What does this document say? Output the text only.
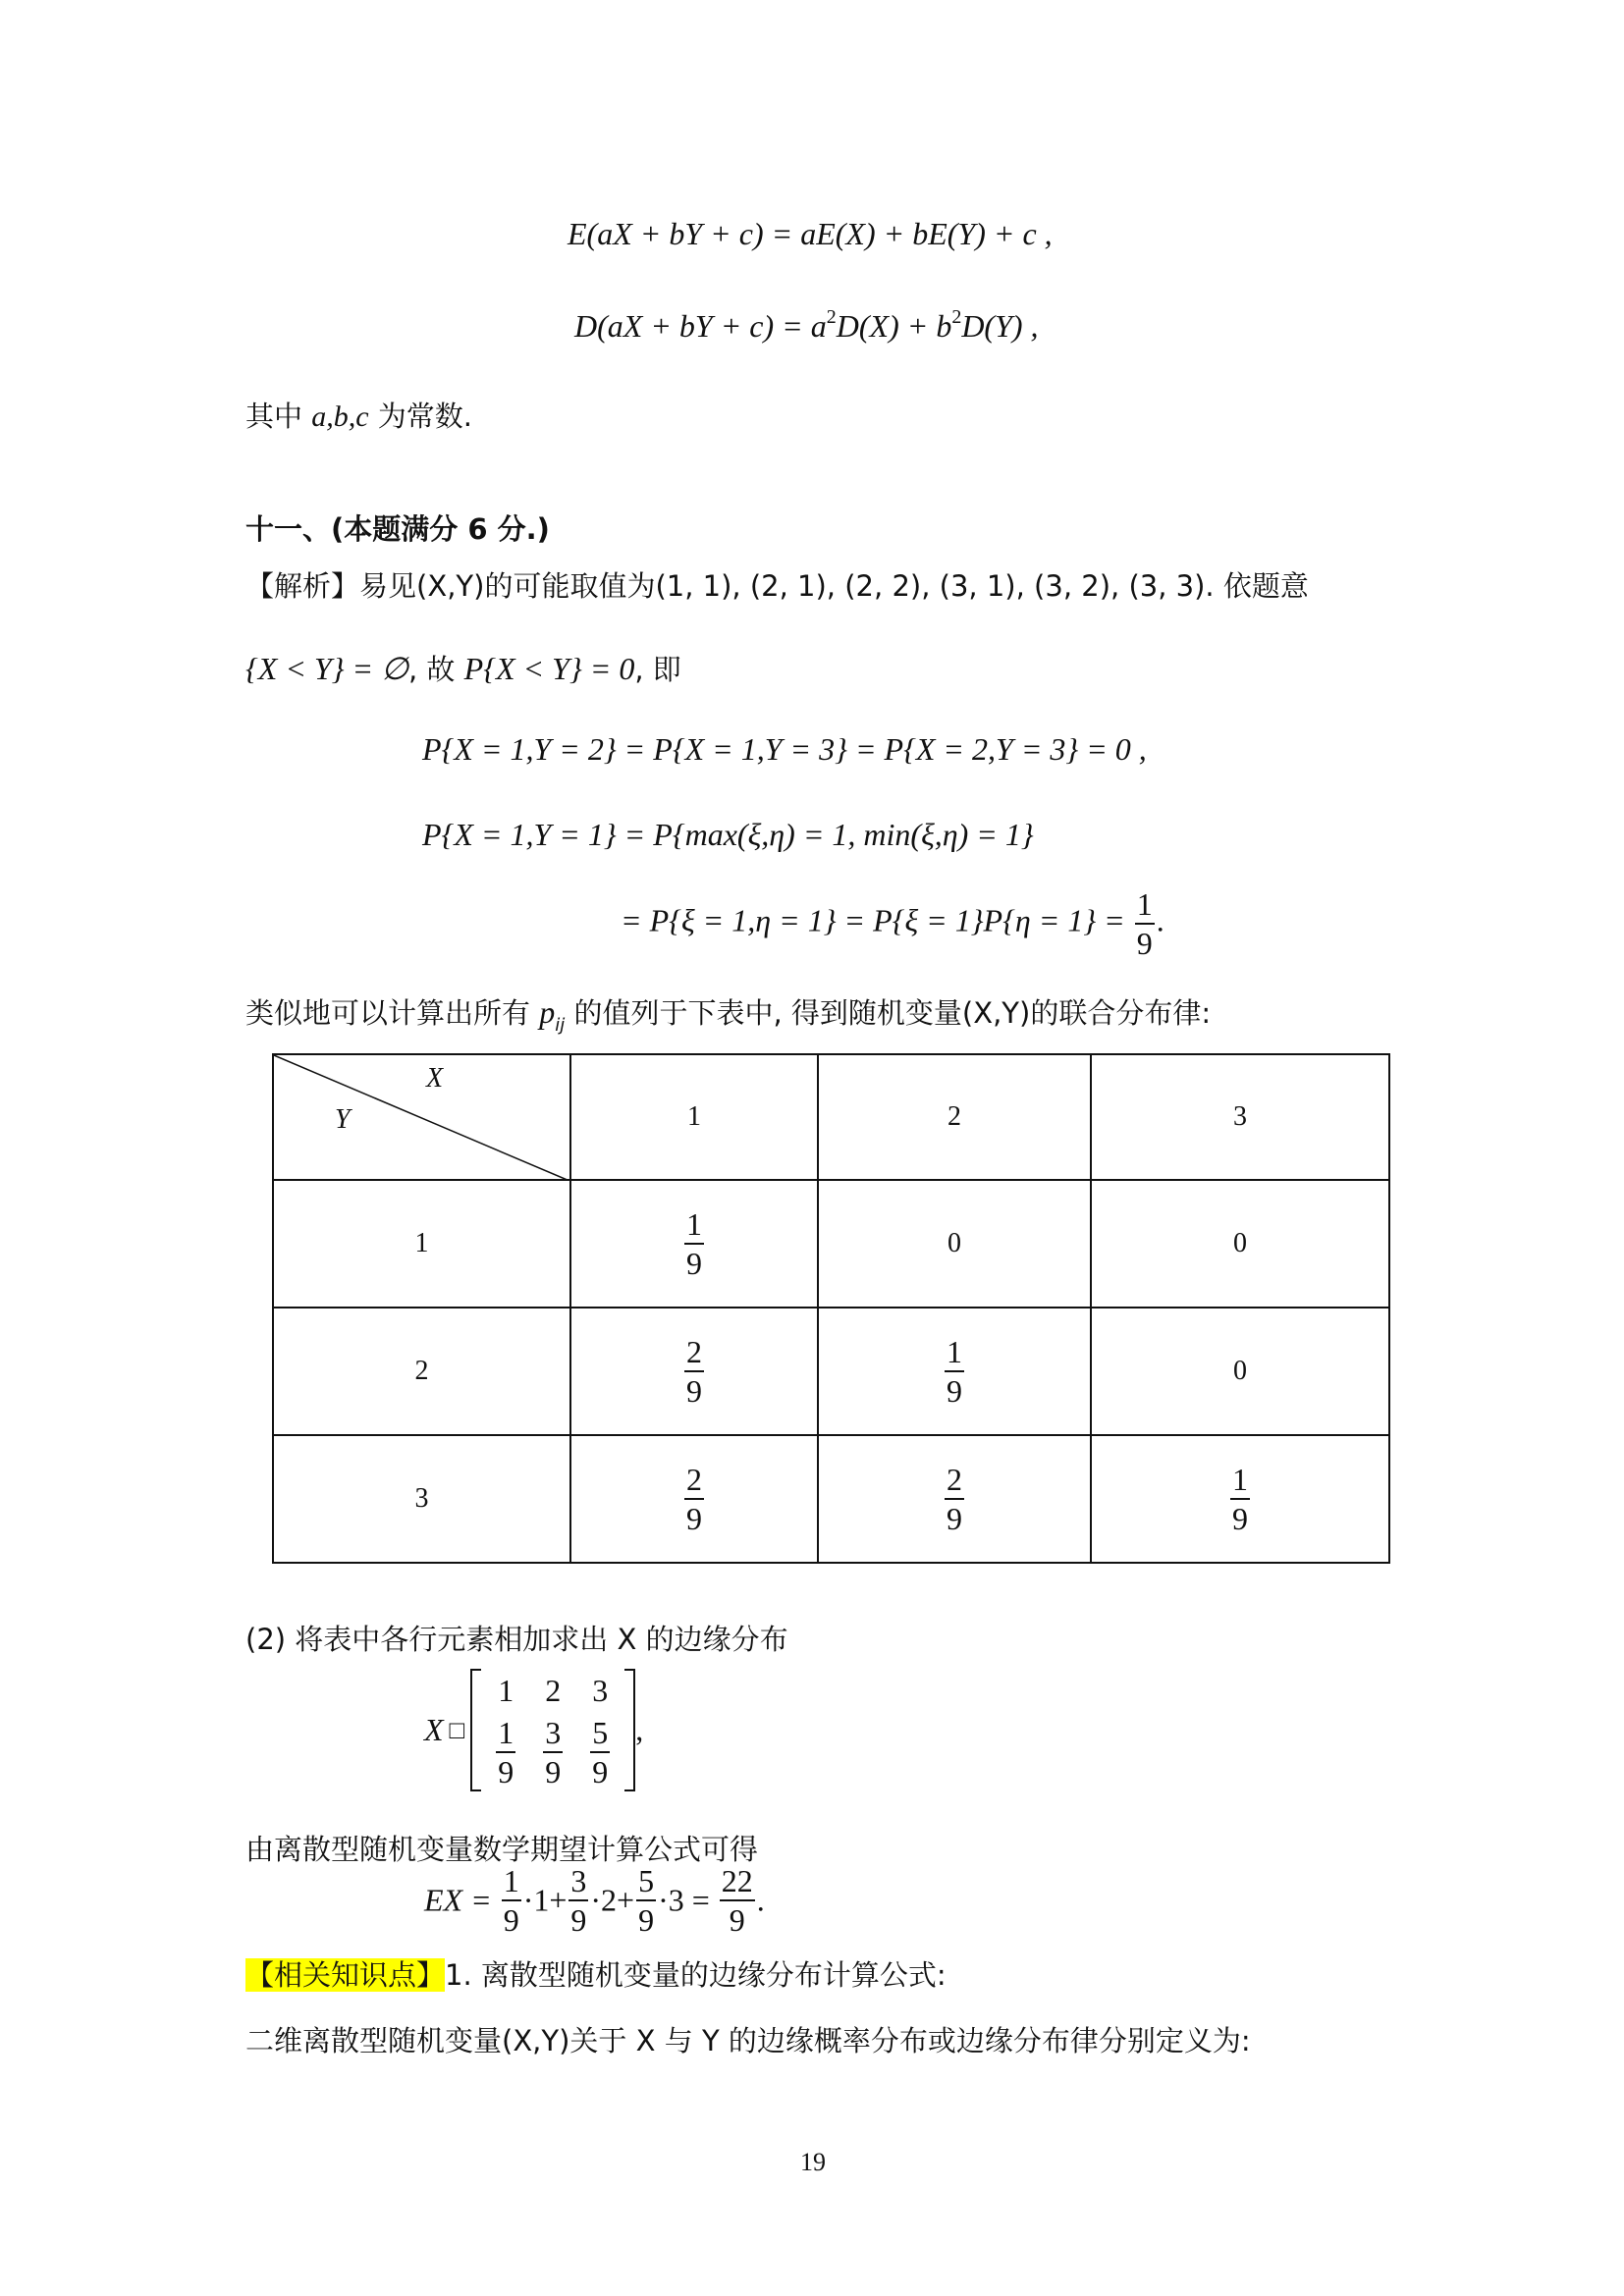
E(aX + bY + c) = aE(X) + bE(Y) + c ,
D(aX + bY + $c) = a^2D(X) + b^2D(Y)$ ,
其中 a,b,c 为常数.
十一、(本题满分 6 分.)
【解析】易见(X,Y)的可能取值为(1, 1), (2, 1), (2, 2), (3, 1), (3, 2), (3, 3). 依题意
{X < Y} = ∅, 故 P{X < Y} = 0, 即
P{X = 1,Y = 2} = P{X = 1,Y = 3} = P{X = 2,Y = 3} = 0 ,
P{X = 1,Y = 1} = P{max(ξ,η) = 1, min(ξ,η) = 1}
= $P\{\xi = 1,\eta = 1\} = P\{\xi = 1\}P\{\eta = 1\} = \frac{1}{9}$ .
类似地可以计算出所有 $p_{ij}$ 的值列于下表中, 得到随机变量(X,Y)的联合分布律:
X
Y	1	2	3
1	$\frac{1}{9}$	0	0
2	$\frac{2}{9}$	$\frac{1}{9}$	0
3	$\frac{2}{9}$	$\frac{2}{9}$	$\frac{1}{9}$
(2) 将表中各行元素相加求出 X 的边缘分布
X □
1	2	3

$\frac{1}{9}$	$\frac{3}{9}$	$\frac{5}{9}$ ,
由离散型随机变量数学期望计算公式可得
EX = $\frac{1}{9} \cdot 1+ \frac{3}{9} \cdot 2+ \frac{5}{9} \cdot 3 = \frac{22}{9}$ .
【相关知识点】1. 离散型随机变量的边缘分布计算公式:
二维离散型随机变量(X,Y)关于 X 与 Y 的边缘概率分布或边缘分布律分别定义为:
19
